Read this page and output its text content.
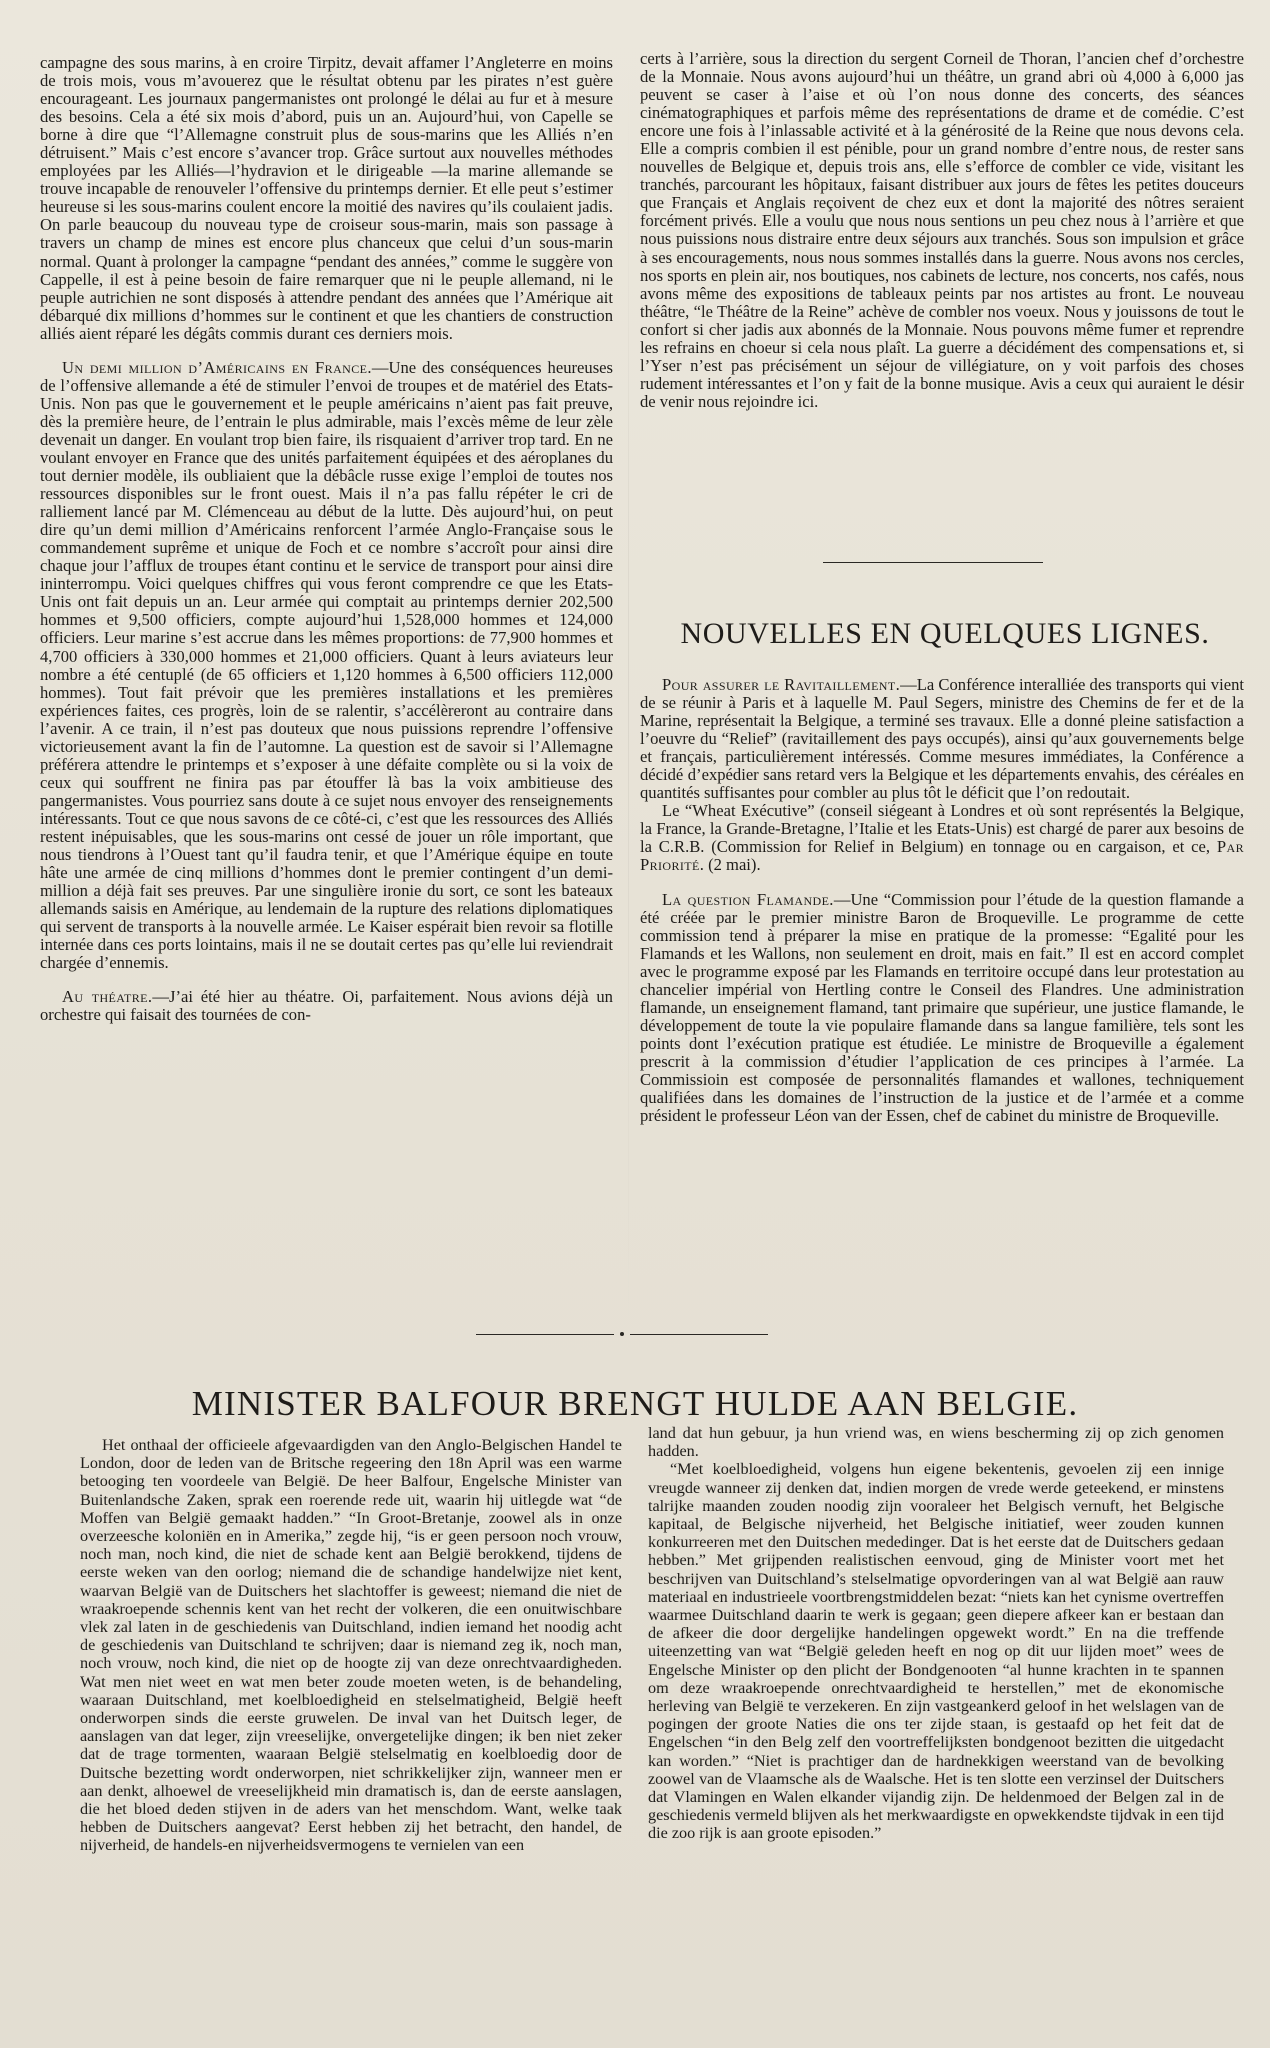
campagne des sous marins, à en croire Tirpitz, devait affamer l’Angleterre en moins de trois mois, vous m’avouerez que le résultat obtenu par les pirates n’est guère encourageant. Les journaux pangermanistes ont prolongé le délai au fur et à mesure des besoins. Cela a été six mois d’abord, puis un an. Aujourd’hui, von Capelle se borne à dire que “l’Allemagne construit plus de sous-marins que les Alliés n’en détruisent.” Mais c’est encore s’avancer trop. Grâce surtout aux nouvelles méthodes employées par les Alliés—l’hydravion et le dirigeable —la marine allemande se trouve incapable de renouveler l’offensive du printemps dernier. Et elle peut s’estimer heureuse si les sous-marins coulent encore la moitié des navires qu’ils coulaient jadis. On parle beaucoup du nouveau type de croiseur sous-marin, mais son passage à travers un champ de mines est encore plus chanceux que celui d’un sous-marin normal. Quant à prolonger la campagne “pendant des années,” comme le suggère von Cappelle, il est à peine besoin de faire remarquer que ni le peuple allemand, ni le peuple autrichien ne sont disposés à attendre pendant des années que l’Amérique ait débarqué dix millions d’hommes sur le continent et que les chantiers de construction alliés aient réparé les dégâts commis durant ces derniers mois.

Un demi million d’Américains en France.—Une des conséquences heureuses de l’offensive allemande a été de stimuler l’envoi de troupes et de matériel des Etats-Unis. Non pas que le gouvernement et le peuple américains n’aient pas fait preuve, dès la première heure, de l’entrain le plus admirable, mais l’excès même de leur zèle devenait un danger. En voulant trop bien faire, ils risquaient d’arriver trop tard. En ne voulant envoyer en France que des unités parfaitement équipées et des aéroplanes du tout dernier modèle, ils oubliaient que la débâcle russe exige l’emploi de toutes nos ressources disponibles sur le front ouest. Mais il n’a pas fallu répéter le cri de ralliement lancé par M. Clémenceau au début de la lutte. Dès aujourd’hui, on peut dire qu’un demi million d’Américains renforcent l’armée Anglo-Française sous le commandement suprême et unique de Foch et ce nombre s’accroît pour ainsi dire chaque jour l’afflux de troupes étant continu et le service de transport pour ainsi dire ininterrompu. Voici quelques chiffres qui vous feront comprendre ce que les Etats-Unis ont fait depuis un an. Leur armée qui comptait au printemps dernier 202,500 hommes et 9,500 officiers, compte aujourd’hui 1,528,000 hommes et 124,000 officiers. Leur marine s’est accrue dans les mêmes proportions: de 77,900 hommes et 4,700 officiers à 330,000 hommes et 21,000 officiers. Quant à leurs aviateurs leur nombre a été centuplé (de 65 officiers et 1,120 hommes à 6,500 officiers 112,000 hommes). Tout fait prévoir que les premières installations et les premières expériences faites, ces progrès, loin de se ralentir, s’accélèreront au contraire dans l’avenir. A ce train, il n’est pas douteux que nous puissions reprendre l’offensive victorieusement avant la fin de l’automne. La question est de savoir si l’Allemagne préférera attendre le printemps et s’exposer à une défaite complète ou si la voix de ceux qui souffrent ne finira pas par étouffer là bas la voix ambitieuse des pangermanistes. Vous pourriez sans doute à ce sujet nous envoyer des renseignements intéressants. Tout ce que nous savons de ce côté-ci, c’est que les ressources des Alliés restent inépuisables, que les sous-marins ont cessé de jouer un rôle important, que nous tiendrons à l’Ouest tant qu’il faudra tenir, et que l’Amérique équipe en toute hâte une armée de cinq millions d’hommes dont le premier contingent d’un demi-million a déjà fait ses preuves. Par une singulière ironie du sort, ce sont les bateaux allemands saisis en Amérique, au lendemain de la rupture des relations diplomatiques qui servent de transports à la nouvelle armée. Le Kaiser espérait bien revoir sa flotille internée dans ces ports lointains, mais il ne se doutait certes pas qu’elle lui reviendrait chargée d’ennemis.

Au théatre.—J’ai été hier au théatre. Oi, parfaitement. Nous avions déjà un orchestre qui faisait des tournées de con-

certs à l’arrière, sous la direction du sergent Corneil de Thoran, l’ancien chef d’orchestre de la Monnaie. Nous avons aujourd’hui un théâtre, un grand abri où 4,000 à 6,000 jas peuvent se caser à l’aise et où l’on nous donne des concerts, des séances cinématographiques et parfois même des représentations de drame et de comédie. C’est encore une fois à l’inlassable activité et à la générosité de la Reine que nous devons cela. Elle a compris combien il est pénible, pour un grand nombre d’entre nous, de rester sans nouvelles de Belgique et, depuis trois ans, elle s’efforce de combler ce vide, visitant les tranchés, parcourant les hôpitaux, faisant distribuer aux jours de fêtes les petites douceurs que Français et Anglais reçoivent de chez eux et dont la majorité des nôtres seraient forcément privés. Elle a voulu que nous nous sentions un peu chez nous à l’arrière et que nous puissions nous distraire entre deux séjours aux tranchés. Sous son impulsion et grâce à ses encouragements, nous nous sommes installés dans la guerre. Nous avons nos cercles, nos sports en plein air, nos boutiques, nos cabinets de lecture, nos concerts, nos cafés, nous avons même des expositions de tableaux peints par nos artistes au front. Le nouveau théâtre, “le Théâtre de la Reine” achève de combler nos voeux. Nous y jouissons de tout le confort si cher jadis aux abonnés de la Monnaie. Nous pouvons même fumer et reprendre les refrains en choeur si cela nous plaît. La guerre a décidément des compensations et, si l’Yser n’est pas précisément un séjour de villégiature, on y voit parfois des choses rudement intéressantes et l’on y fait de la bonne musique. Avis a ceux qui auraient le désir de venir nous rejoindre ici.

NOUVELLES EN QUELQUES LIGNES.

Pour assurer le Ravitaillement.—La Conférence interalliée des transports qui vient de se réunir à Paris et à laquelle M. Paul Segers, ministre des Chemins de fer et de la Marine, représentait la Belgique, a terminé ses travaux. Elle a donné pleine satisfaction a l’oeuvre du “Relief” (ravitaillement des pays occupés), ainsi qu’aux gouvernements belge et français, particulièrement intéressés. Comme mesures immédiates, la Conférence a décidé d’expédier sans retard vers la Belgique et les départements envahis, des céréales en quantités suffisantes pour combler au plus tôt le déficit que l’on redoutait.

Le “Wheat Exécutive” (conseil siégeant à Londres et où sont représentés la Belgique, la France, la Grande-Bretagne, l’Italie et les Etats-Unis) est chargé de parer aux besoins de la C.R.B. (Commission for Relief in Belgium) en tonnage ou en cargaison, et ce, Par Priorité. (2 mai).

La question Flamande.—Une “Commission pour l’étude de la question flamande a été créée par le premier ministre Baron de Broqueville. Le programme de cette commission tend à préparer la mise en pratique de la promesse: “Egalité pour les Flamands et les Wallons, non seulement en droit, mais en fait.” Il est en accord complet avec le programme exposé par les Flamands en territoire occupé dans leur protestation au chancelier impérial von Hertling contre le Conseil des Flandres. Une administration flamande, un enseignement flamand, tant primaire que supérieur, une justice flamande, le développement de toute la vie populaire flamande dans sa langue familière, tels sont les points dont l’exécution pratique est étudiée. Le ministre de Broqueville a également prescrit à la commission d’étudier l’application de ces principes à l’armée. La Commissioin est composée de personnalités flamandes et wallones, techniquement qualifiées dans les domaines de l’instruction de la justice et de l’armée et a comme président le professeur Léon van der Essen, chef de cabinet du ministre de Broqueville.

MINISTER BALFOUR BRENGT HULDE AAN BELGIE.

Het onthaal der officieele afgevaardigden van den Anglo-Belgischen Handel te London, door de leden van de Britsche regeering den 18n April was een warme betooging ten voordeele van België. De heer Balfour, Engelsche Minister van Buitenlandsche Zaken, sprak een roerende rede uit, waarin hij uitlegde wat “de Moffen van België gemaakt hadden.” “In Groot-Bretanje, zoowel als in onze overzeesche koloniën en in Amerika,” zegde hij, “is er geen persoon noch vrouw, noch man, noch kind, die niet de schade kent aan België berokkend, tijdens de eerste weken van den oorlog; niemand die de schandige handelwijze niet kent, waarvan België van de Duitschers het slachtoffer is geweest; niemand die niet de wraakroepende schennis kent van het recht der volkeren, die een onuitwischbare vlek zal laten in de geschiedenis van Duitschland, indien iemand het noodig acht de geschiedenis van Duitschland te schrijven; daar is niemand zeg ik, noch man, noch vrouw, noch kind, die niet op de hoogte zij van deze onrechtvaardigheden. Wat men niet weet en wat men beter zoude moeten weten, is de behandeling, waaraan Duitschland, met koelbloedigheid en stelselmatigheid, België heeft onderworpen sinds die eerste gruwelen. De inval van het Duitsch leger, de aanslagen van dat leger, zijn vreeselijke, onvergetelijke dingen; ik ben niet zeker dat de trage tormenten, waaraan België stelselmatig en koelbloedig door de Duitsche bezetting wordt onderworpen, niet schrikkelijker zijn, wanneer men er aan denkt, alhoewel de vreeselijkheid min dramatisch is, dan de eerste aanslagen, die het bloed deden stijven in de aders van het menschdom. Want, welke taak hebben de Duitschers aangevat? Eerst hebben zij het betracht, den handel, de nijverheid, de handels-en nijverheidsvermogens te vernielen van een

land dat hun gebuur, ja hun vriend was, en wiens bescherming zij op zich genomen hadden.

“Met koelbloedigheid, volgens hun eigene bekentenis, gevoelen zij een innige vreugde wanneer zij denken dat, indien morgen de vrede werde geteekend, er minstens talrijke maanden zouden noodig zijn vooraleer het Belgisch vernuft, het Belgische kapitaal, de Belgische nijverheid, het Belgische initiatief, weer zouden kunnen konkurreeren met den Duitschen mededinger. Dat is het eerste dat de Duitschers gedaan hebben.” Met grijpenden realistischen eenvoud, ging de Minister voort met het beschrijven van Duitschland’s stelselmatige opvorderingen van al wat België aan rauw materiaal en industrieele voortbrengstmiddelen bezat: “niets kan het cynisme overtreffen waarmee Duitschland daarin te werk is gegaan; geen diepere afkeer kan er bestaan dan de afkeer die door dergelijke handelingen opgewekt wordt.” En na die treffende uiteenzetting van wat “België geleden heeft en nog op dit uur lijden moet” wees de Engelsche Minister op den plicht der Bondgenooten “al hunne krachten in te spannen om deze wraakroepende onrechtvaardigheid te herstellen,” met de ekonomische herleving van België te verzekeren. En zijn vastgeankerd geloof in het welslagen van de pogingen der groote Naties die ons ter zijde staan, is gestaafd op het feit dat de Engelschen “in den Belg zelf den voortreffelijksten bondgenoot bezitten die uitgedacht kan worden.” “Niet is prachtiger dan de hardnekkigen weerstand van de bevolking zoowel van de Vlaamsche als de Waalsche. Het is ten slotte een verzinsel der Duitschers dat Vlamingen en Walen elkander vijandig zijn. De heldenmoed der Belgen zal in de geschiedenis vermeld blijven als het merkwaardigste en opwekkendste tijdvak in een tijd die zoo rijk is aan groote episoden.”
